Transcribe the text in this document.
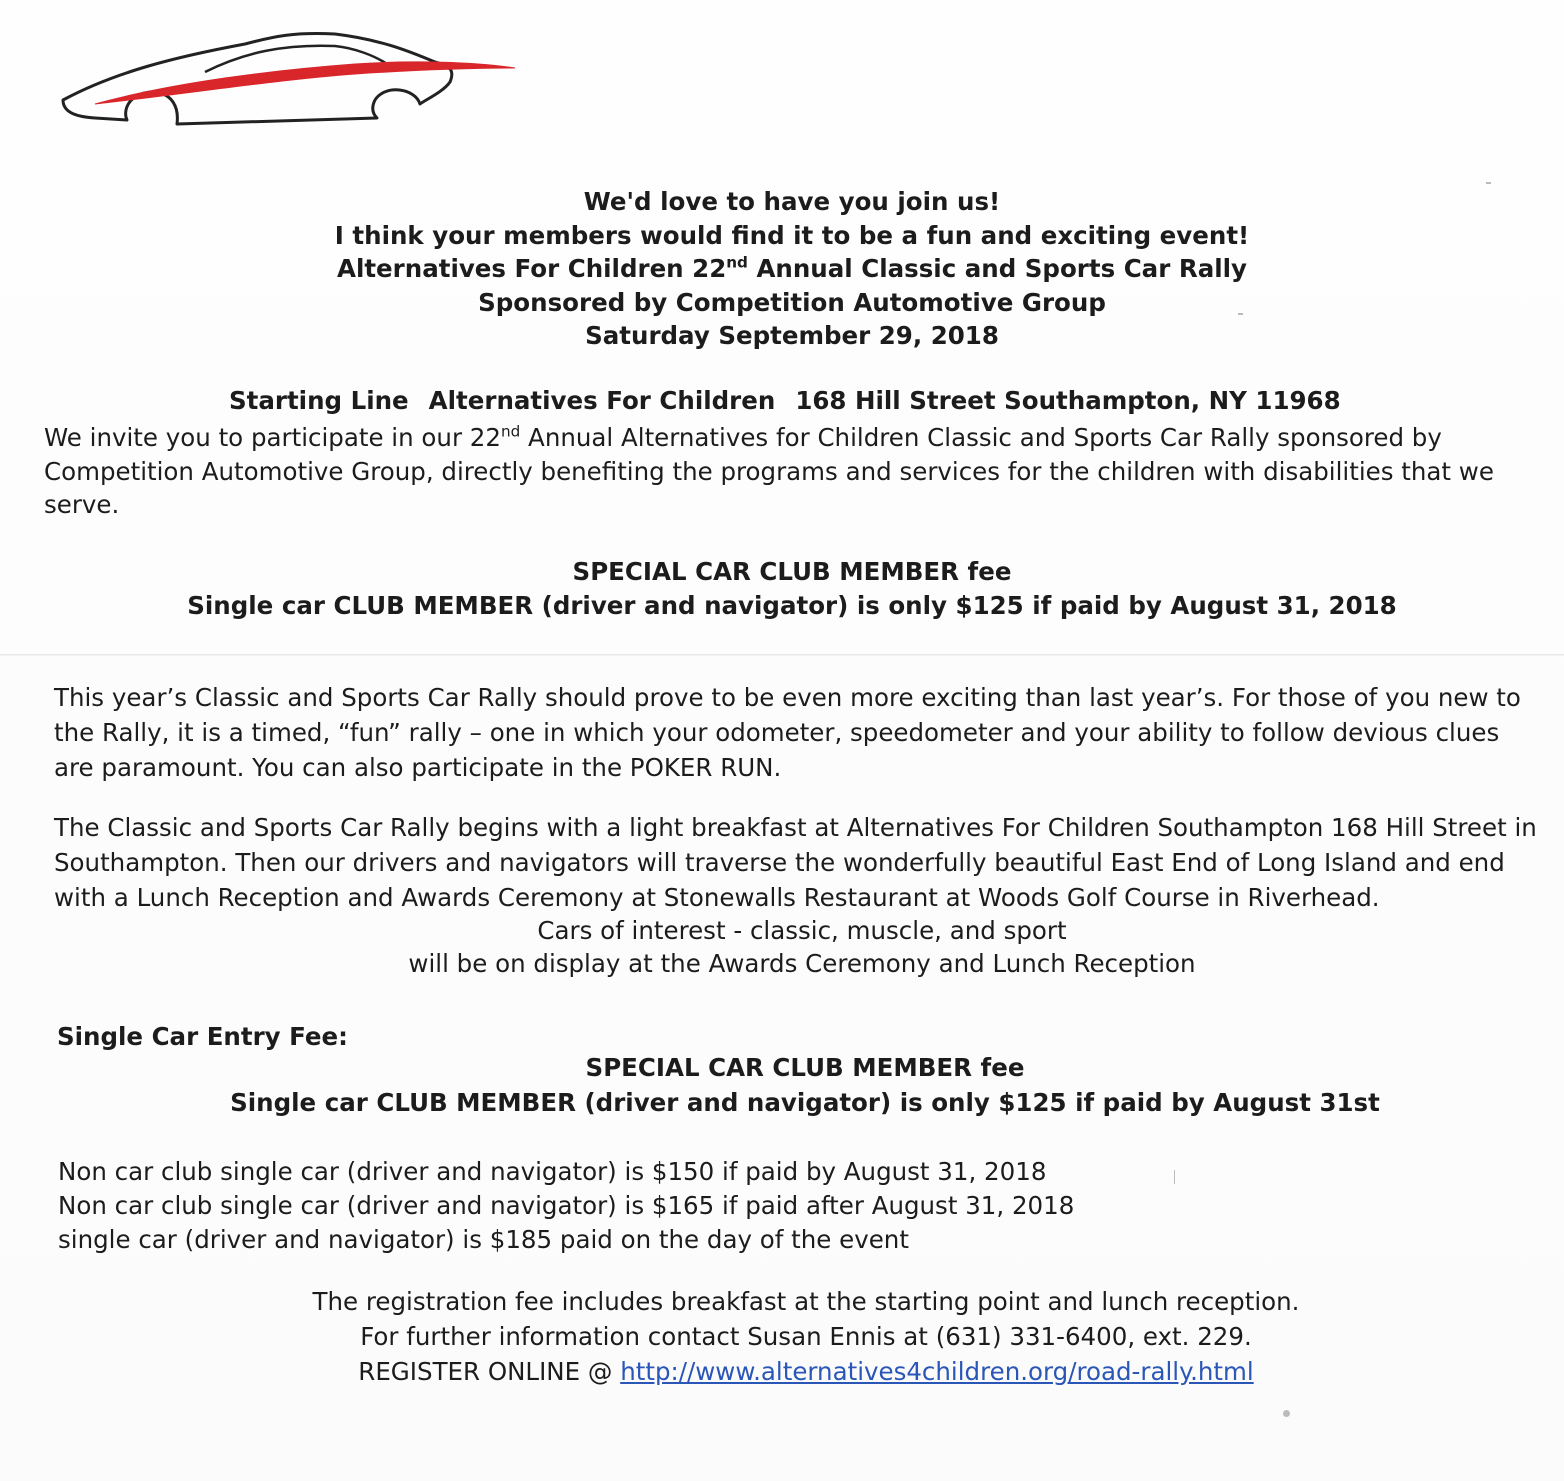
We'd love to have you join us!
I think your members would find it to be a fun and exciting event!
Alternatives For Children 22nd Annual Classic and Sports Car Rally
Sponsored by Competition Automotive Group
Saturday September 29, 2018
Starting Line Alternatives For Children 168 Hill Street Southampton, NY 11968
We invite you to participate in our 22nd Annual Alternatives for Children Classic and Sports Car Rally sponsored by Competition Automotive Group, directly benefiting the programs and services for the children with disabilities that we serve.
SPECIAL CAR CLUB MEMBER fee
Single car CLUB MEMBER (driver and navigator) is only $125 if paid by August 31, 2018
This year’s Classic and Sports Car Rally should prove to be even more exciting than last year’s. For those of you new to the Rally, it is a timed, “fun” rally – one in which your odometer, speedometer and your ability to follow devious clues are paramount. You can also participate in the POKER RUN.
The Classic and Sports Car Rally begins with a light breakfast at Alternatives For Children Southampton 168 Hill Street in Southampton. Then our drivers and navigators will traverse the wonderfully beautiful East End of Long Island and end with a Lunch Reception and Awards Ceremony at Stonewalls Restaurant at Woods Golf Course in Riverhead.
Cars of interest - classic, muscle, and sport
will be on display at the Awards Ceremony and Lunch Reception
Single Car Entry Fee:
SPECIAL CAR CLUB MEMBER fee
Single car CLUB MEMBER (driver and navigator) is only $125 if paid by August 31st
Non car club single car (driver and navigator) is $150 if paid by August 31, 2018
Non car club single car (driver and navigator) is $165 if paid after August 31, 2018
single car (driver and navigator) is $185 paid on the day of the event
The registration fee includes breakfast at the starting point and lunch reception.
For further information contact Susan Ennis at (631) 331-6400, ext. 229.
REGISTER ONLINE @ http://www.alternatives4children.org/road-rally.html
